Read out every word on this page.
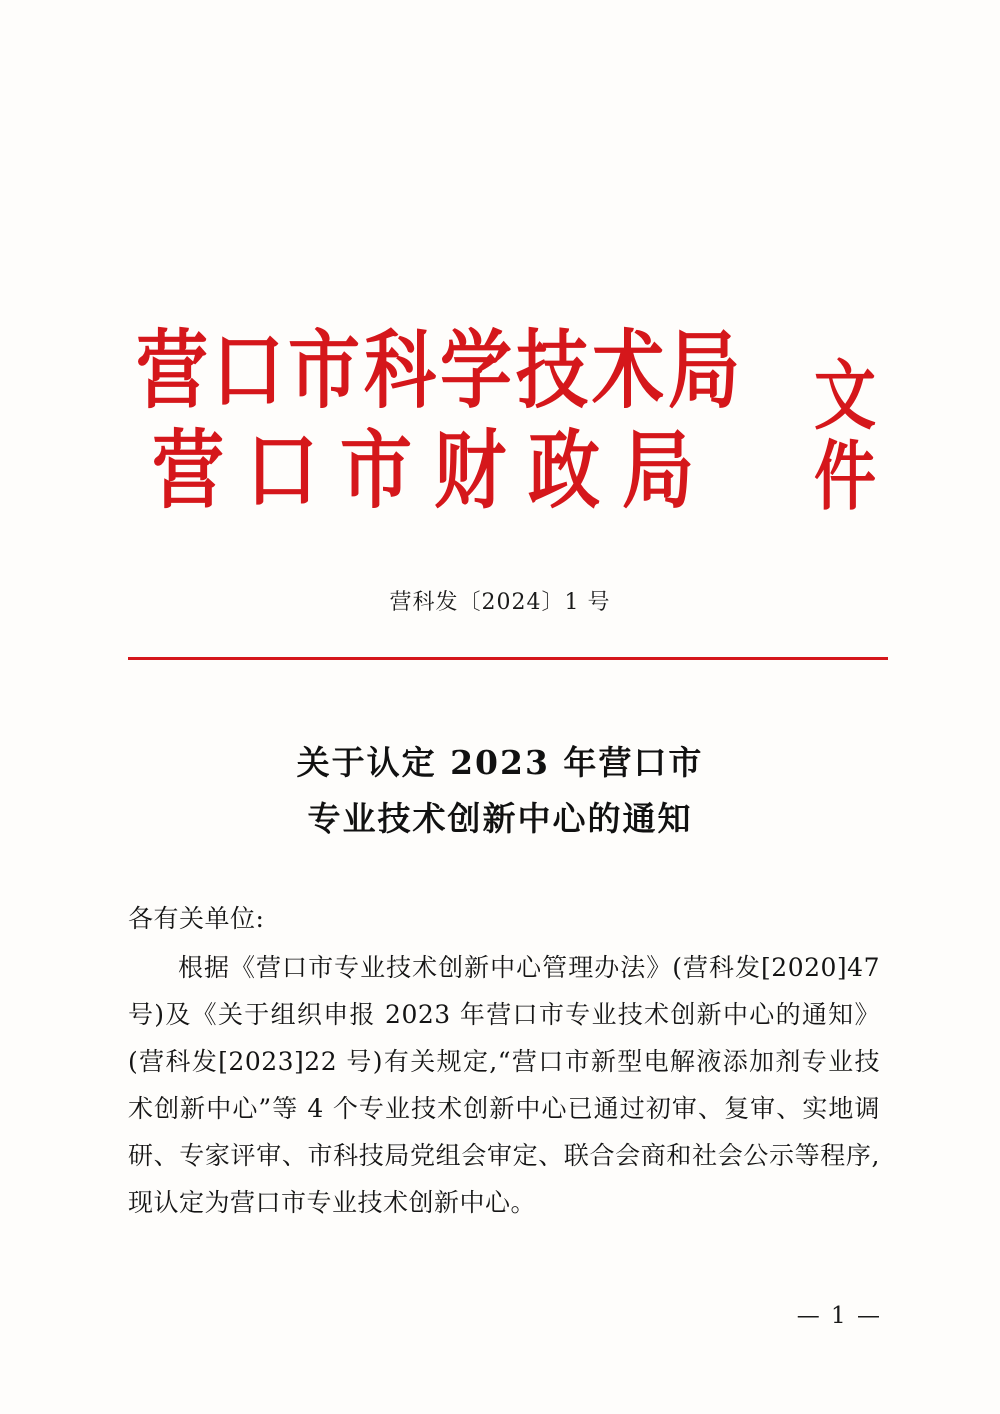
营口市科学技术局
营口市财政局
文件
营科发〔2024〕1 号
关于认定 2023 年营口市
专业技术创新中心的通知

各有关单位:

根据《营口市专业技术创新中心管理办法》(营科发[2020]47 号)及《关于组织申报 2023 年营口市专业技术创新中心的通知》(营科发[2023]22 号)有关规定,“营口市新型电解液添加剂专业技术创新中心”等 4 个专业技术创新中心已通过初审、复审、实地调研、专家评审、市科技局党组会审定、联合会商和社会公示等程序,现认定为营口市专业技术创新中心。

— 1 —
